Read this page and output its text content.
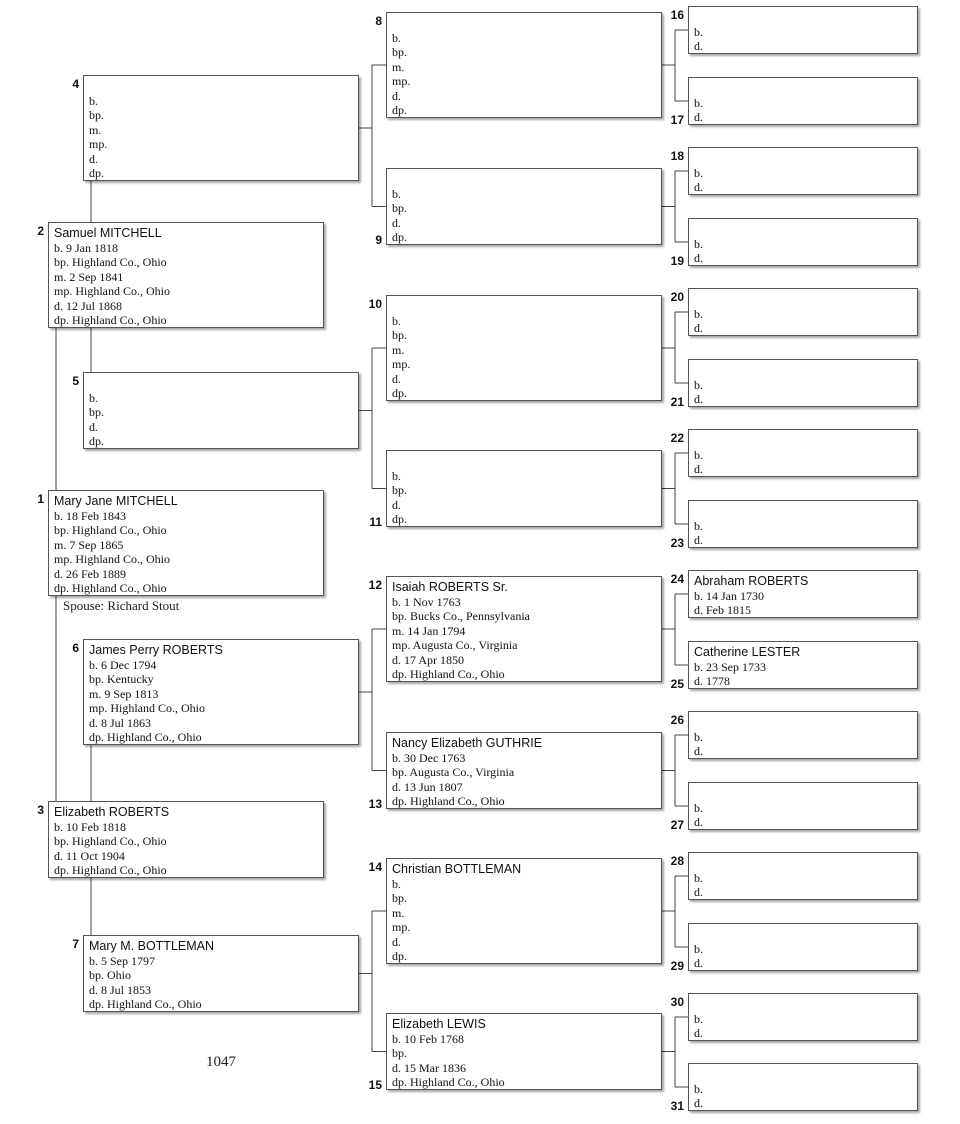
Spouse: Richard Stout
1047
Mary Jane MITCHELL
b. 18 Feb 1843
bp. Highland Co., Ohio
m. 7 Sep 1865
mp. Highland Co., Ohio
d. 26 Feb 1889
dp. Highland Co., Ohio
1
Samuel MITCHELL
b. 9 Jan 1818
bp. Highland Co., Ohio
m. 2 Sep 1841
mp. Highland Co., Ohio
d. 12 Jul 1868
dp. Highland Co., Ohio
2
Elizabeth ROBERTS
b. 10 Feb 1818
bp. Highland Co., Ohio
d. 11 Oct 1904
dp. Highland Co., Ohio
3
b.
bp.
m.
mp.
d.
dp.
4
b.
bp.
d.
dp.
5
James Perry ROBERTS
b. 6 Dec 1794
bp. Kentucky
m. 9 Sep 1813
mp. Highland Co., Ohio
d. 8 Jul 1863
dp. Highland Co., Ohio
6
Mary M. BOTTLEMAN
b. 5 Sep 1797
bp. Ohio
d. 8 Jul 1853
dp. Highland Co., Ohio
7
b.
bp.
m.
mp.
d.
dp.
8
b.
bp.
d.
dp.
9
b.
bp.
m.
mp.
d.
dp.
10
b.
bp.
d.
dp.
11
Isaiah ROBERTS Sr.
b. 1 Nov 1763
bp. Bucks Co., Pennsylvania
m. 14 Jan 1794
mp. Augusta Co., Virginia
d. 17 Apr 1850
dp. Highland Co., Ohio
12
Nancy Elizabeth GUTHRIE
b. 30 Dec 1763
bp. Augusta Co., Virginia
d. 13 Jun 1807
dp. Highland Co., Ohio
13
Christian BOTTLEMAN
b.
bp.
m.
mp.
d.
dp.
14
Elizabeth LEWIS
b. 10 Feb 1768
bp.
d. 15 Mar 1836
dp. Highland Co., Ohio
15
b.
d.
16
b.
d.
17
b.
d.
18
b.
d.
19
b.
d.
20
b.
d.
21
b.
d.
22
b.
d.
23
Abraham ROBERTS
b. 14 Jan 1730
d. Feb 1815
24
Catherine LESTER
b. 23 Sep 1733
d. 1778
25
b.
d.
26
b.
d.
27
b.
d.
28
b.
d.
29
b.
d.
30
b.
d.
31
